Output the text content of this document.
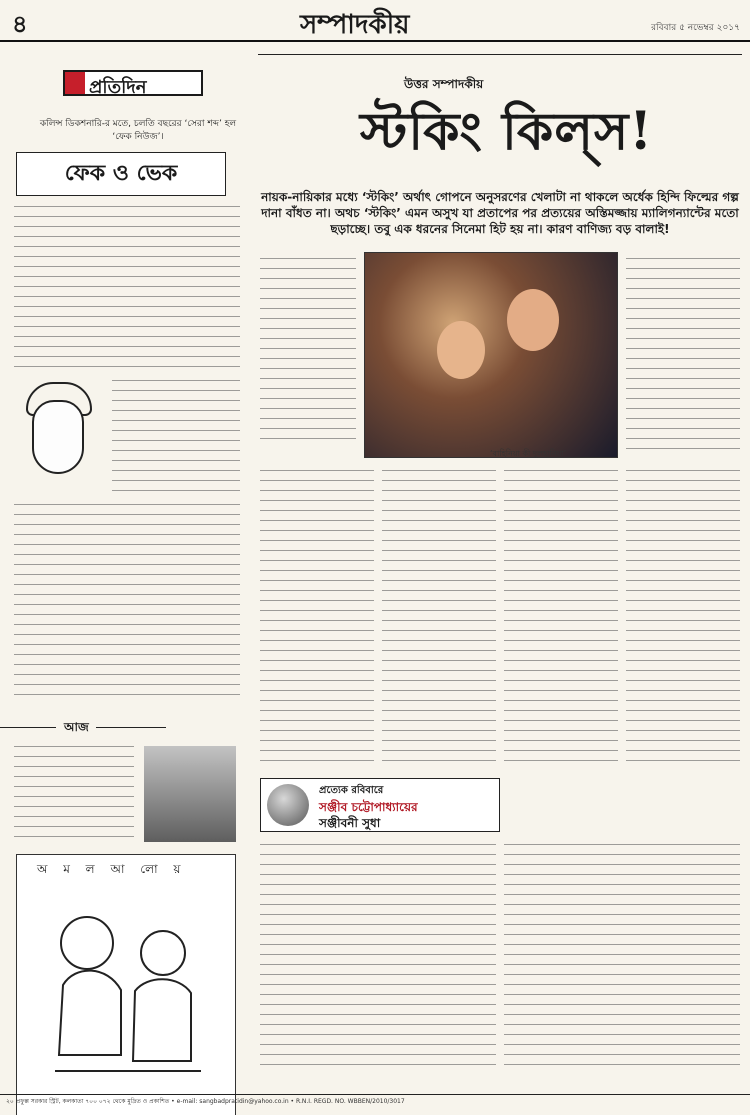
৪	সম্পাদকীয়	রবিবার ৫ নভেম্বর ২০১৭
প্রতিদিন
কলিন্স ডিকশনারি-র মতে, চলতি বছরের ‘সেরা শব্দ’ হল ‘ফেক নিউজ’।
ফেক ও ভেক
আজ
অ ম ল আ লো য়
উত্তর সম্পাদকীয়
স্টকিং কিল্‌স!
নায়ক-নায়িকার মধ্যে ‘স্টকিং’ অর্থাৎ গোপনে অনুসরণের খেলাটা না থাকলে অর্ধেক হিন্দি ফিল্মের গল্প দানা বাঁধত না। অথচ ‘স্টকিং’ এমন অসুখ যা প্রতাপের পর প্রত্যয়ের অস্তিমজ্জায় ম্যালিগন্যান্টের মতো ছড়াচ্ছে। তবু এক ধরনের সিনেমা হিট হয় না। কারণ বাণিজ্য বড় বালাই!
‘বাহিনিয়া কী দুলহানিয়া’
প্রত্যেক রবিবারে
সঞ্জীব চট্টোপাধ্যায়ের
সঞ্জীবনী সুধা
২০ প্রফুল্ল সরকার স্ট্রিট, কলকাতা ৭০০ ০৭২ থেকে মুদ্রিত ও প্রকাশিত • e-mail: sangbadpratidin@yahoo.co.in • R.N.I. REGD. NO. WBBEN/2010/3017
